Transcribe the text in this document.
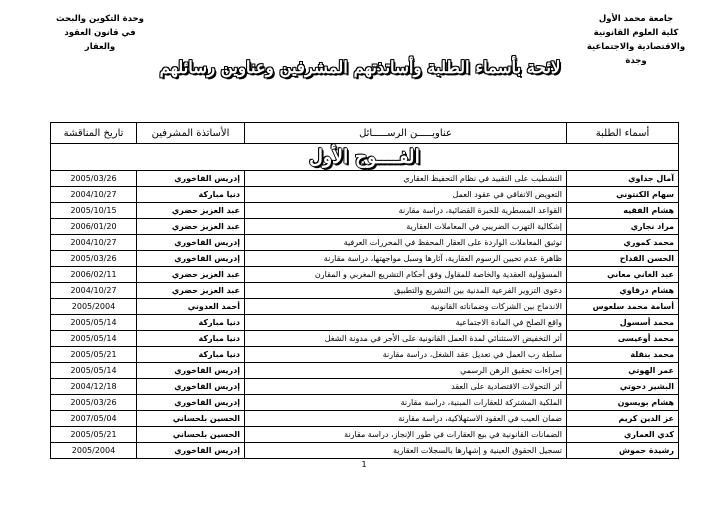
جامعة محمد الأول
كلية العلوم القانونية
والاقتصادية والاجتماعية
وجدة
وحدة التكوين والبحث
في قانون العقود
والعقار
لائحة بأسماء الطلبة وأساتذتهم المشرفين وعناوين رسائلهم
أسماء الطلبة	عناويـــــن الرســـــائل	الأساتذة المشرفين	تاريخ المناقشة
الفــــوج الأول			
آمال جداوي	التشطيب على التقييد في نظام التحفيظ العقاري	إدريس الفاخوري	2005/03/26
سهام الكنتوني	التعويض الاتفاقي في عقود العمل	دنيا مباركة	2004/10/27
هشام الفقيه	القواعد المسطرية للخبرة القضائية، دراسة مقارنة	عبد العزيز حضري	2005/10/15
مراد نجاري	إشكالية التهرب الضريبي في المعاملات العقارية	عبد العزيز حضري	2006/01/20
محمد كموري	توثيق المعاملات الواردة على العقار المحفظ في المحررات العرفية	إدريس الفاخوري	2004/10/27
الحسن القداح	ظاهرة عدم تحيين الرسوم العقارية، آثارها وسبل مواجهتها، دراسة مقارنة	إدريس الفاخوري	2005/03/26
عبد الغاني معاني	المسؤولية العقدية والخاصة للمقاول وفق أحكام التشريع المغربي و المقارن	عبد العزيز حضري	2006/02/11
هشام درقاوي	دعوى التزوير الفرعية المدنية بين التشريع والتطبيق	عبد العزيز حضري	2004/10/27
أسامة محمد سلعوس	الاندماج بين الشركات وضماناته القانونية	أحمد العدوني	2005/2004
محمد أسسول	واقع الصلح في المادة الاجتماعية	دنيا مباركة	2005/05/14
محمد أوعيسى	أثر التخفيض الاستثنائي لمدة العمل القانونية على الأجر في مدونة الشغل	دنيا مباركة	2005/05/14
محمد بنقلة	سلطة رب العمل في تعديل عقد الشغل، دراسة مقارنة	دنيا مباركة	2005/05/21
عمر الهوتي	إجراءات تحقيق الرهن الرسمي	إدريس الفاخوري	2005/05/14
البشير دحوتي	أثر التحولات الاقتصادية على العقد	إدريس الفاخوري	2004/12/18
هشام بويسون	الملكية المشتركة للعقارات المبنية، دراسة مقارنة	إدريس الفاخوري	2005/03/26
عز الدين كريم	ضمان العيب في العقود الاستهلاكية، دراسة مقارنة	الحسين بلحساني	2007/05/04
كدي العماري	الضمانات القانونية في بيع العقارات في طور الإنجاز، دراسة مقارنة	الحسين بلحساني	2005/05/21
رشيدة حموش	تسجيل الحقوق العينية و إشهارها بالسجلات العقارية	إدريس الفاخوري	2005/2004
1
